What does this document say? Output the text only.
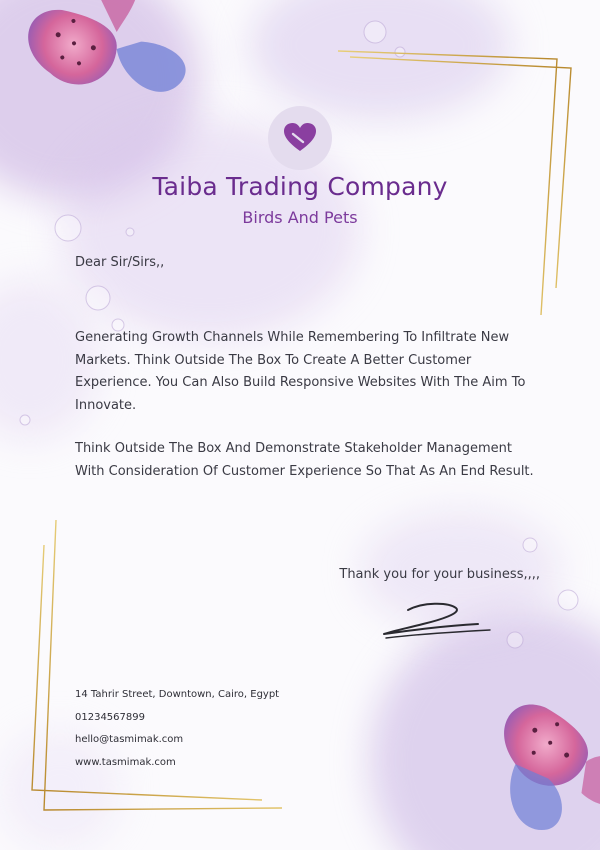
Taiba Trading Company
Birds And Pets
Dear Sir/Sirs,,
Generating Growth Channels While Remembering To Infiltrate New Markets. Think Outside The Box To Create A Better Customer Experience. You Can Also Build Responsive Websites With The Aim To Innovate.
Think Outside The Box And Demonstrate Stakeholder Management With Consideration Of Customer Experience So That As An End Result.
Thank you for your business,,,,
14 Tahrir Street, Downtown, Cairo, Egypt
01234567899
hello@tasmimak.com
www.tasmimak.com
